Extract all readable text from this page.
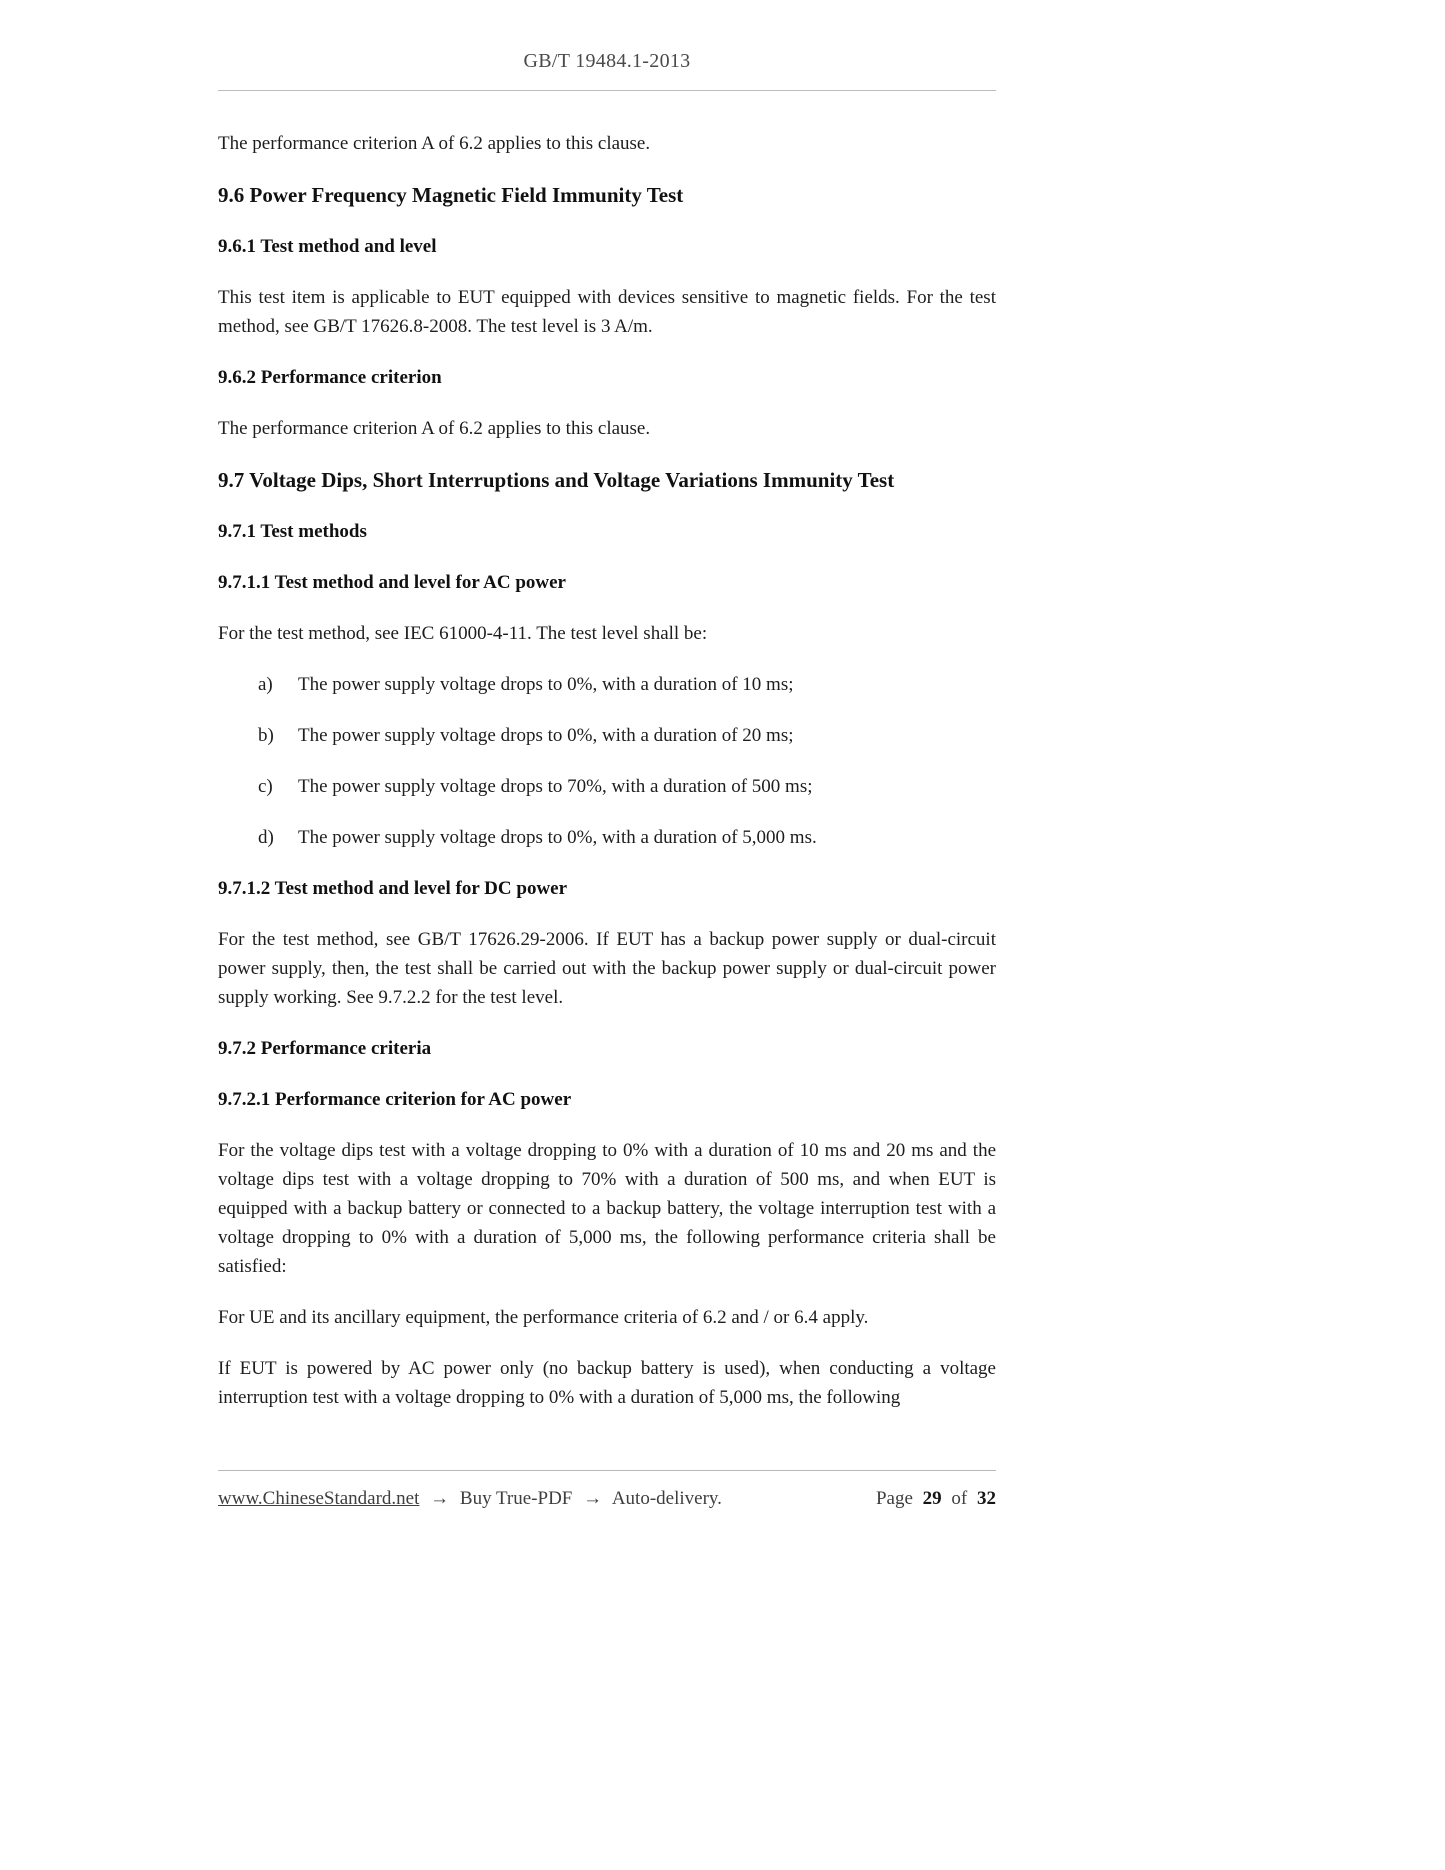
GB/T 19484.1-2013

The performance criterion A of 6.2 applies to this clause.

9.6 Power Frequency Magnetic Field Immunity Test
9.6.1 Test method and level

This test item is applicable to EUT equipped with devices sensitive to magnetic fields. For the test method, see GB/T 17626.8-2008. The test level is 3 A/m.

9.6.2 Performance criterion

The performance criterion A of 6.2 applies to this clause.

9.7 Voltage Dips, Short Interruptions and Voltage Variations Immunity Test
9.7.1 Test methods
9.7.1.1 Test method and level for AC power

For the test method, see IEC 61000-4-11. The test level shall be:

a)	The power supply voltage drops to 0%, with a duration of 10 ms;
b)	The power supply voltage drops to 0%, with a duration of 20 ms;
c)	The power supply voltage drops to 70%, with a duration of 500 ms;
d)	The power supply voltage drops to 0%, with a duration of 5,000 ms.
9.7.1.2 Test method and level for DC power

For the test method, see GB/T 17626.29-2006. If EUT has a backup power supply or dual-circuit power supply, then, the test shall be carried out with the backup power supply or dual-circuit power supply working. See 9.7.2.2 for the test level.

9.7.2 Performance criteria
9.7.2.1 Performance criterion for AC power

For the voltage dips test with a voltage dropping to 0% with a duration of 10 ms and 20 ms and the voltage dips test with a voltage dropping to 70% with a duration of 500 ms, and when EUT is equipped with a backup battery or connected to a backup battery, the voltage interruption test with a voltage dropping to 0% with a duration of 5,000 ms, the following performance criteria shall be satisfied:

For UE and its ancillary equipment, the performance criteria of 6.2 and / or 6.4 apply.

If EUT is powered by AC power only (no backup battery is used), when conducting a voltage interruption test with a voltage dropping to 0% with a duration of 5,000 ms, the following

www.ChineseStandard.net → Buy True-PDF → Auto-delivery.	Page 29 of 32
